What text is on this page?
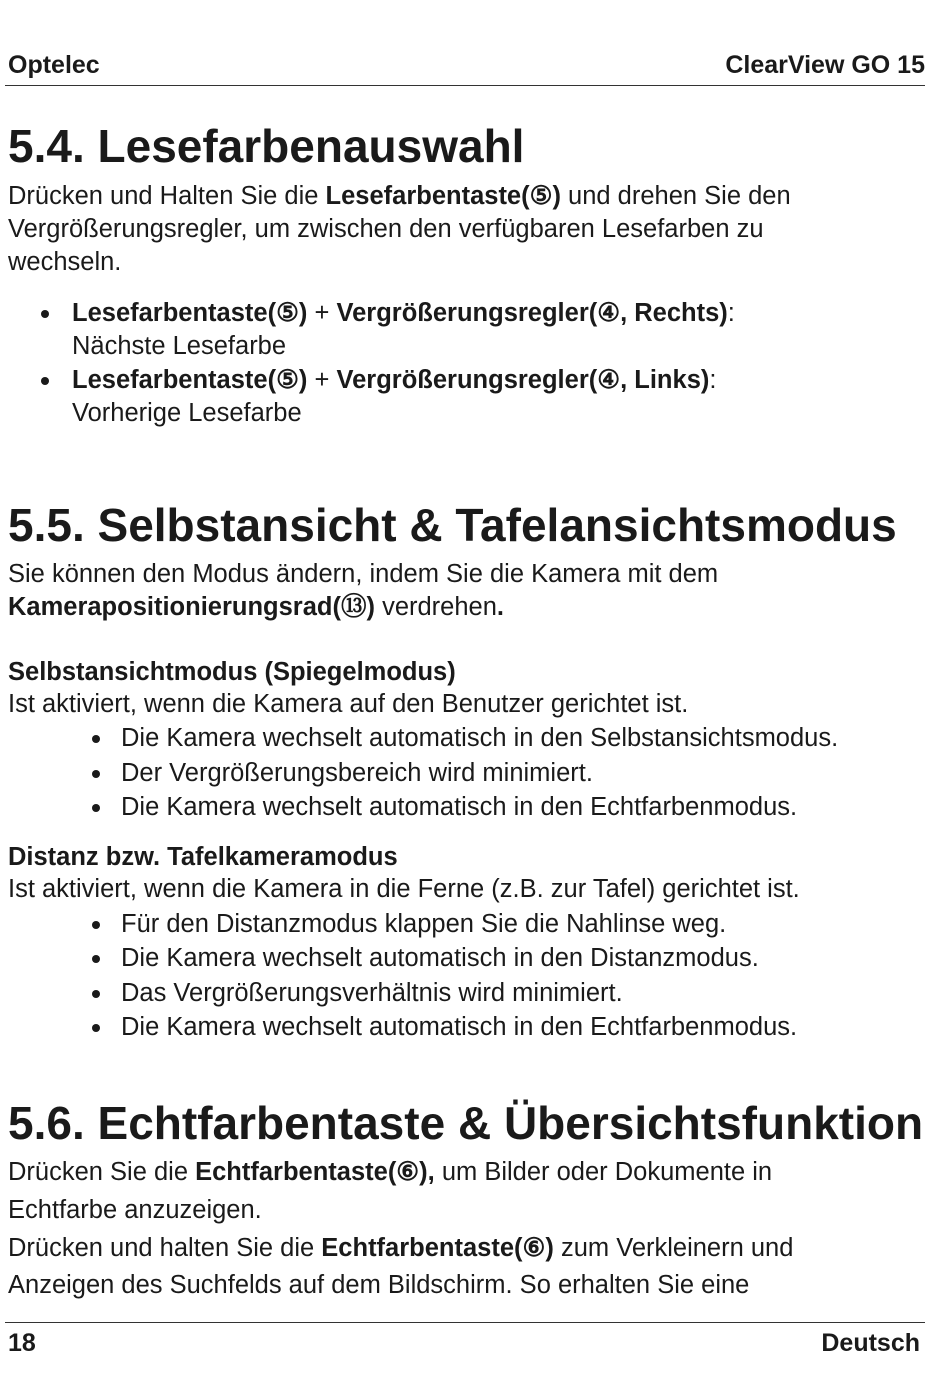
Optelec	ClearView GO 15
5.4. Lesefarbenauswahl

Drücken und Halten Sie die Lesefarbentaste(⑤) und drehen Sie den

Vergrößerungsregler, um zwischen den verfügbaren Lesefarben zu

wechseln.

Lesefarbentaste(⑤) + Vergrößerungsregler(④, Rechts):
Nächste Lesefarbe
Lesefarbentaste(⑤) + Vergrößerungsregler(④, Links):
Vorherige Lesefarbe
5.5. Selbstansicht & Tafelansichtsmodus

Sie können den Modus ändern, indem Sie die Kamera mit dem

Kamerapositionierungsrad(⑬) verdrehen.

Selbstansichtmodus (Spiegelmodus)

Ist aktiviert, wenn die Kamera auf den Benutzer gerichtet ist.

Die Kamera wechselt automatisch in den Selbstansichtsmodus.
Der Vergrößerungsbereich wird minimiert.
Die Kamera wechselt automatisch in den Echtfarbenmodus.

Distanz bzw. Tafelkameramodus

Ist aktiviert, wenn die Kamera in die Ferne (z.B. zur Tafel) gerichtet ist.

Für den Distanzmodus klappen Sie die Nahlinse weg.
Die Kamera wechselt automatisch in den Distanzmodus.
Das Vergrößerungsverhältnis wird minimiert.
Die Kamera wechselt automatisch in den Echtfarbenmodus.
5.6. Echtfarbentaste & Übersichtsfunktion

Drücken Sie die Echtfarbentaste(⑥), um Bilder oder Dokumente in

Echtfarbe anzuzeigen.

Drücken und halten Sie die Echtfarbentaste(⑥) zum Verkleinern und

Anzeigen des Suchfelds auf dem Bildschirm. So erhalten Sie eine

18	Deutsch
